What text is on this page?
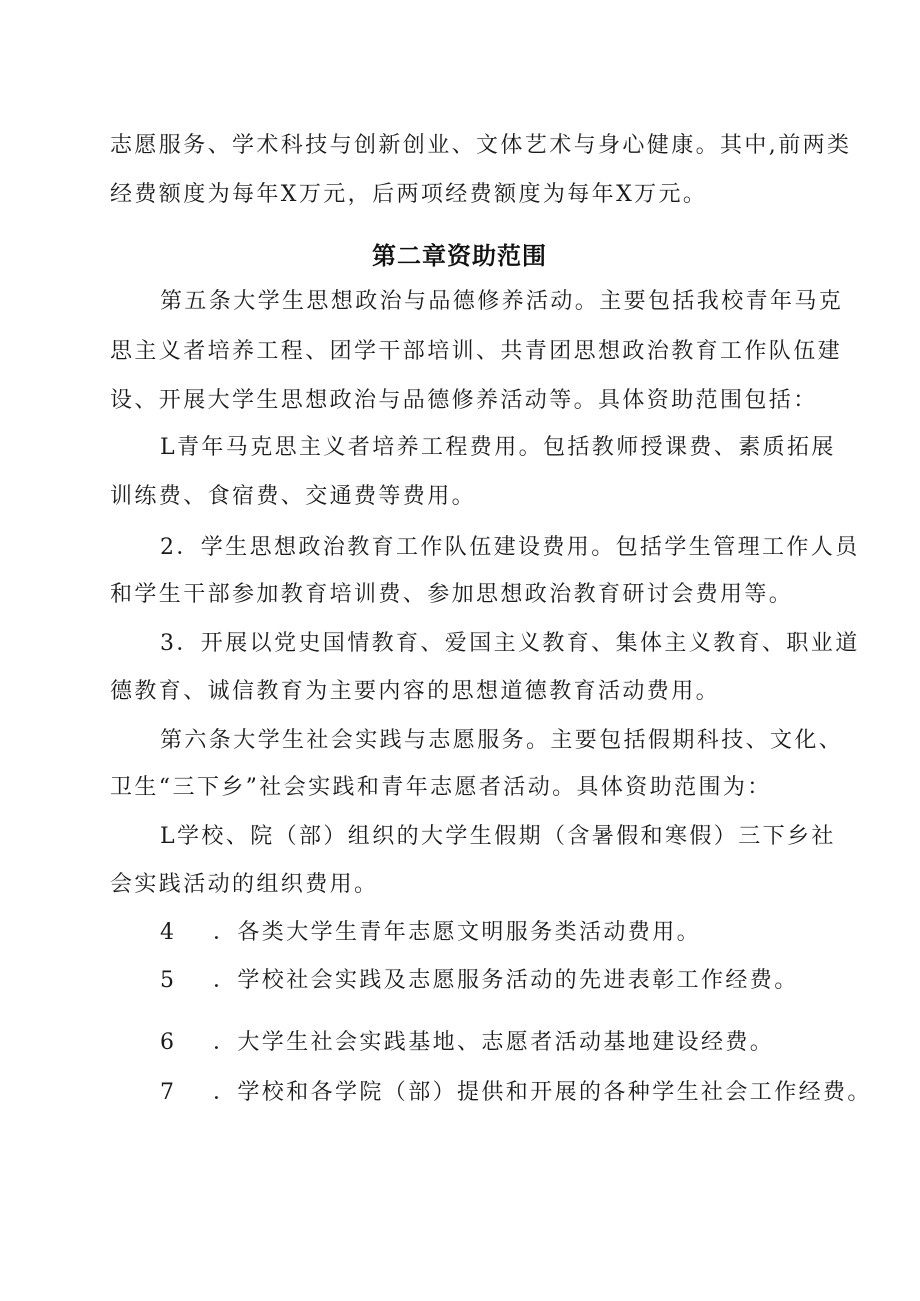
志愿服务、学术科技与创新创业、文体艺术与身心健康。其中,前两类
经费额度为每年X万元，后两项经费额度为每年X万元。
第二章资助范围
第五条大学生思想政治与品德修养活动。主要包括我校青年马克
思主义者培养工程、团学干部培训、共青团思想政治教育工作队伍建
设、开展大学生思想政治与品德修养活动等。具体资助范围包括：
L青年马克思主义者培养工程费用。包括教师授课费、素质拓展
训练费、食宿费、交通费等费用。
2．学生思想政治教育工作队伍建设费用。包括学生管理工作人员
和学生干部参加教育培训费、参加思想政治教育研讨会费用等。
3．开展以党史国情教育、爱国主义教育、集体主义教育、职业道
德教育、诚信教育为主要内容的思想道德教育活动费用。
第六条大学生社会实践与志愿服务。主要包括假期科技、文化、
卫生“三下乡”社会实践和青年志愿者活动。具体资助范围为：
L学校、院（部）组织的大学生假期（含暑假和寒假）三下乡社
会实践活动的组织费用。
4 ．各类大学生青年志愿文明服务类活动费用。
5 ．学校社会实践及志愿服务活动的先进表彰工作经费。
6 ．大学生社会实践基地、志愿者活动基地建设经费。
7 ．学校和各学院（部）提供和开展的各种学生社会工作经费。
